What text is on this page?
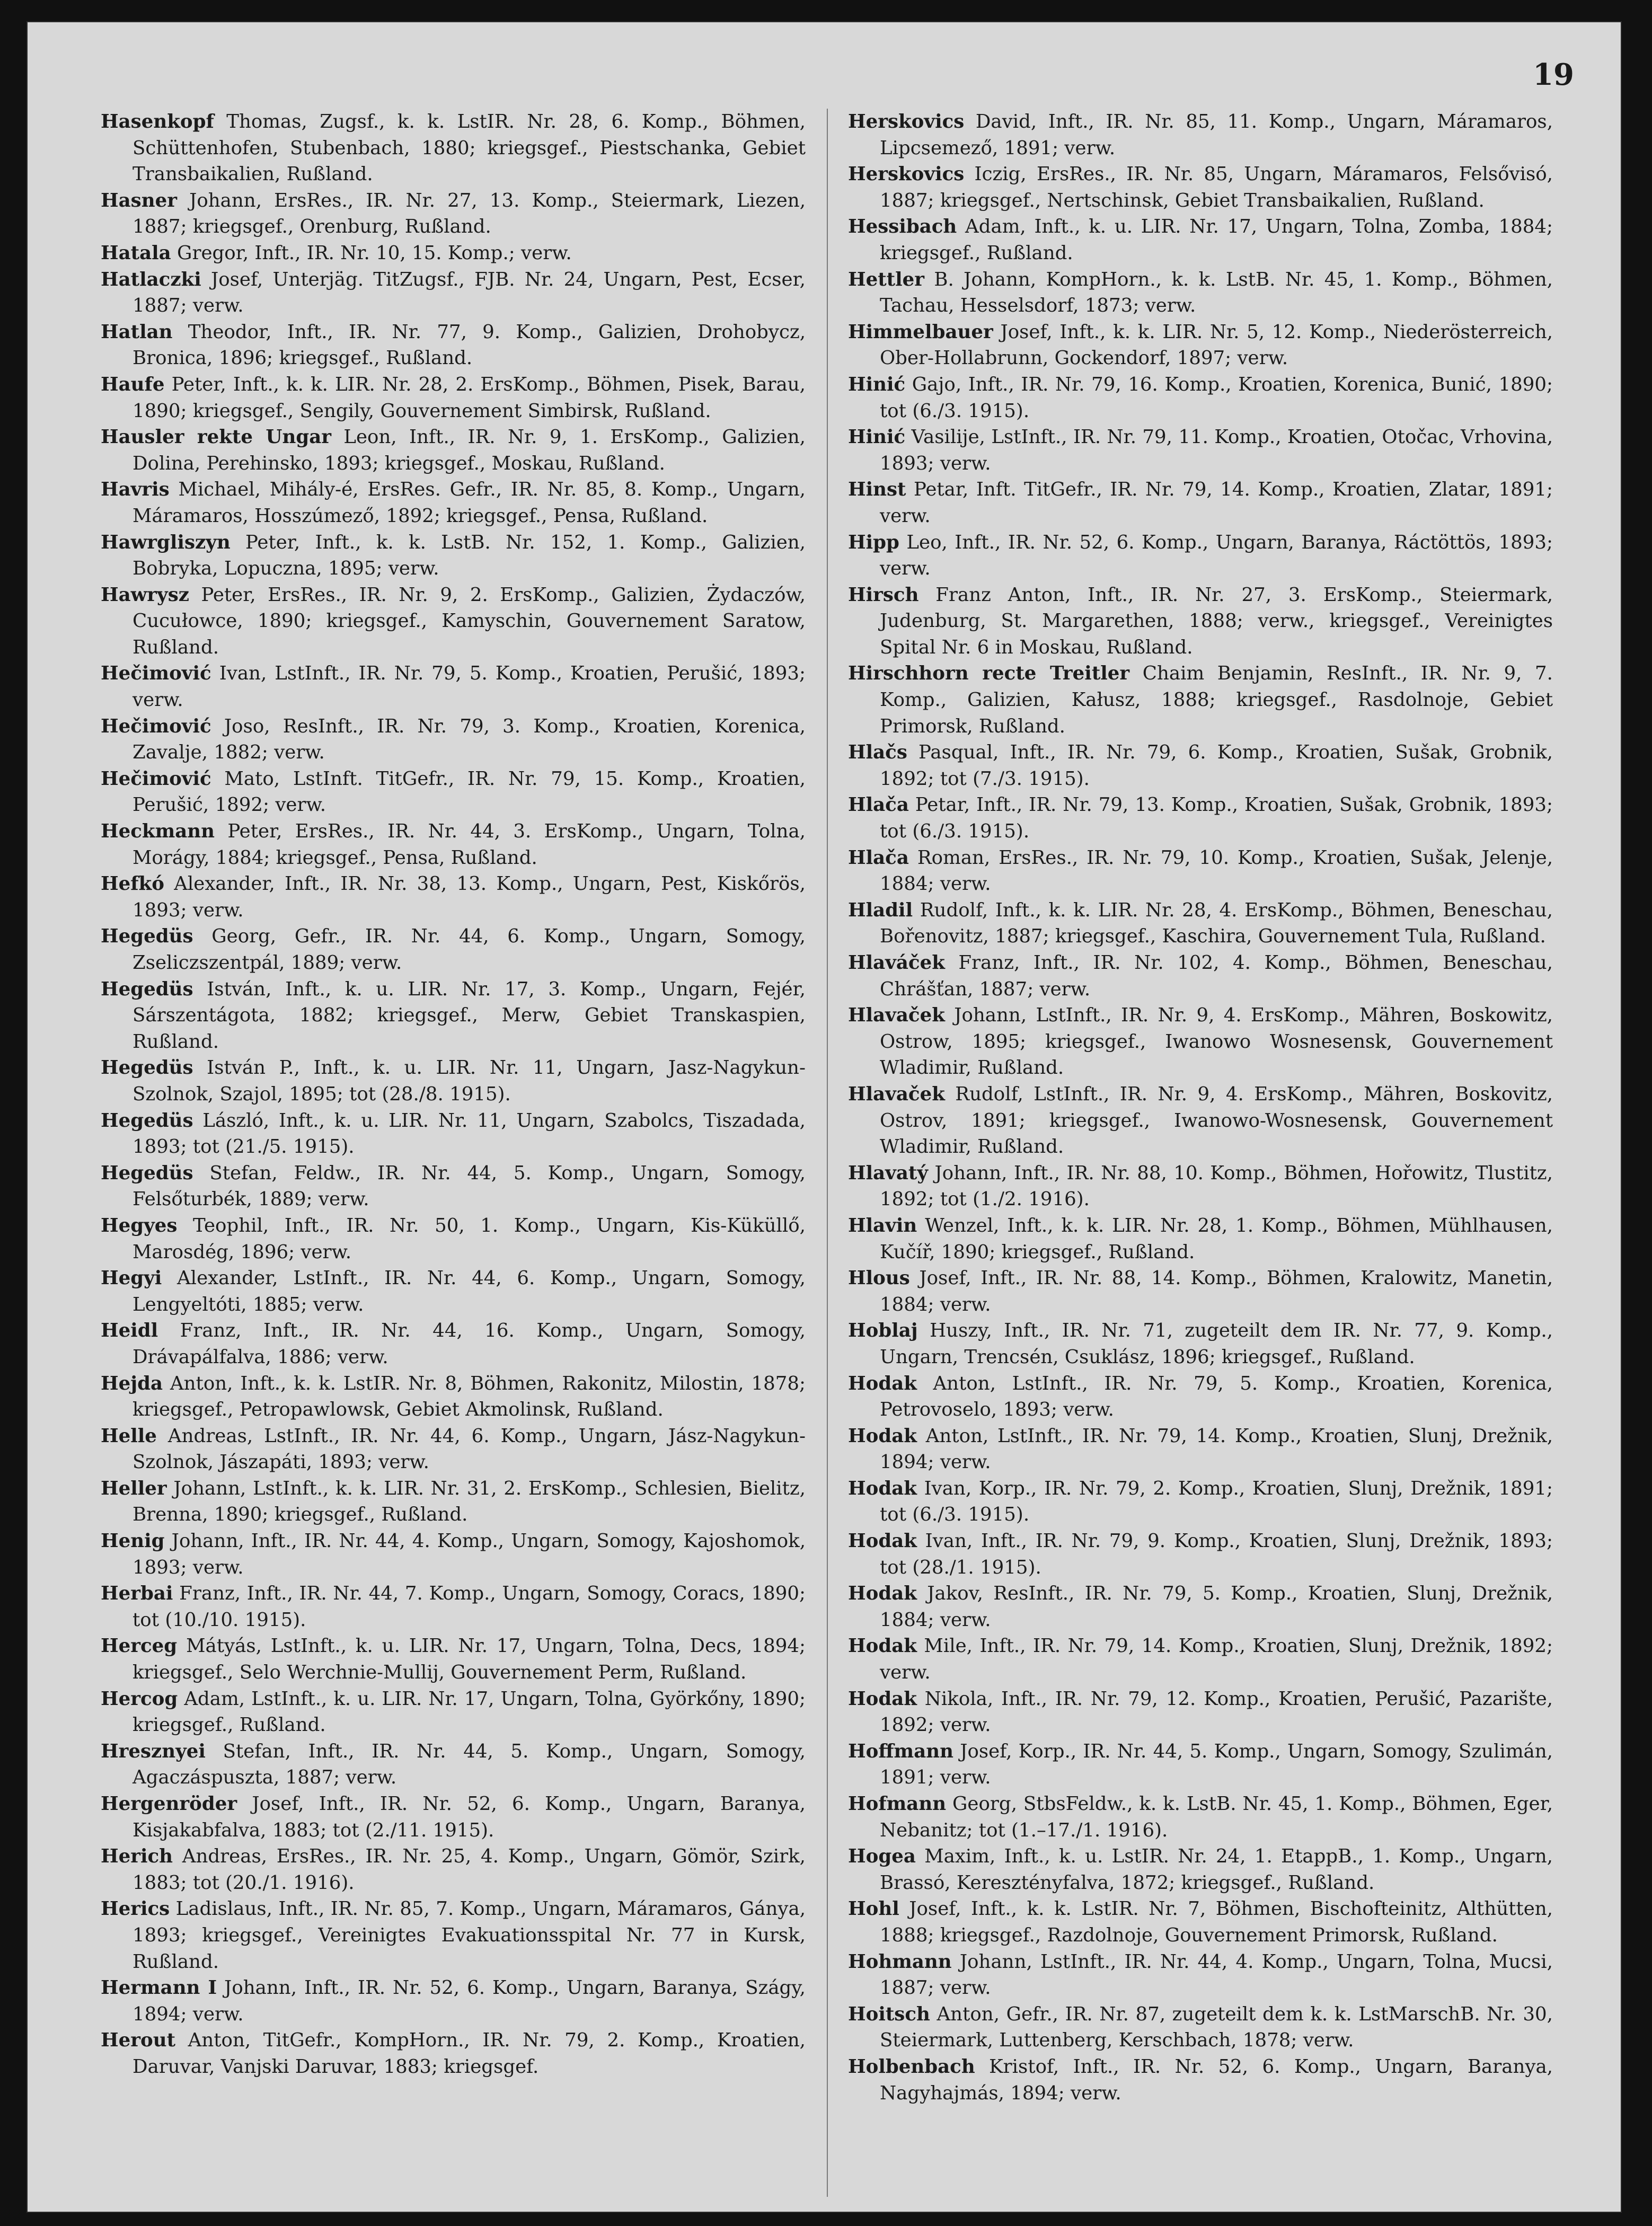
19

Hasenkopf Thomas, Zugsf., k. k. LstIR. Nr. 28, 6. Komp., Böhmen, Schüttenhofen, Stubenbach, 1880; kriegsgef., Piestschanka, Gebiet Transbaikalien, Rußland.

Hasner Johann, ErsRes., IR. Nr. 27, 13. Komp., Steiermark, Liezen, 1887; kriegsgef., Orenburg, Rußland.

Hatala Gregor, Inft., IR. Nr. 10, 15. Komp.; verw.

Hatlaczki Josef, Unterjäg. TitZugsf., FJB. Nr. 24, Ungarn, Pest, Ecser, 1887; verw.

Hatlan Theodor, Inft., IR. Nr. 77, 9. Komp., Galizien, Drohobycz, Bronica, 1896; kriegsgef., Rußland.

Haufe Peter, Inft., k. k. LIR. Nr. 28, 2. ErsKomp., Böhmen, Pisek, Barau, 1890; kriegsgef., Sengily, Gouvernement Simbirsk, Rußland.

Hausler rekte Ungar Leon, Inft., IR. Nr. 9, 1. ErsKomp., Galizien, Dolina, Perehinsko, 1893; kriegsgef., Moskau, Rußland.

Havris Michael, Mihály-é, ErsRes. Gefr., IR. Nr. 85, 8. Komp., Ungarn, Máramaros, Hosszúmező, 1892; kriegsgef., Pensa, Rußland.

Hawrgliszyn Peter, Inft., k. k. LstB. Nr. 152, 1. Komp., Galizien, Bobryka, Lopuczna, 1895; verw.

Hawrysz Peter, ErsRes., IR. Nr. 9, 2. ErsKomp., Galizien, Żydaczów, Cucułowce, 1890; kriegsgef., Kamyschin, Gouvernement Saratow, Rußland.

Hečimović Ivan, LstInft., IR. Nr. 79, 5. Komp., Kroatien, Perušić, 1893; verw.

Hečimović Joso, ResInft., IR. Nr. 79, 3. Komp., Kroatien, Korenica, Zavalje, 1882; verw.

Hečimović Mato, LstInft. TitGefr., IR. Nr. 79, 15. Komp., Kroatien, Perušić, 1892; verw.

Heckmann Peter, ErsRes., IR. Nr. 44, 3. ErsKomp., Ungarn, Tolna, Morágy, 1884; kriegsgef., Pensa, Rußland.

Hefkó Alexander, Inft., IR. Nr. 38, 13. Komp., Ungarn, Pest, Kiskőrös, 1893; verw.

Hegedüs Georg, Gefr., IR. Nr. 44, 6. Komp., Ungarn, Somogy, Zseliczszentpál, 1889; verw.

Hegedüs István, Inft., k. u. LIR. Nr. 17, 3. Komp., Ungarn, Fejér, Sárszentágota, 1882; kriegsgef., Merw, Gebiet Transkaspien, Rußland.

Hegedüs István P., Inft., k. u. LIR. Nr. 11, Ungarn, Jasz-Nagykun-Szolnok, Szajol, 1895; tot (28./8. 1915).

Hegedüs László, Inft., k. u. LIR. Nr. 11, Ungarn, Szabolcs, Tiszadada, 1893; tot (21./5. 1915).

Hegedüs Stefan, Feldw., IR. Nr. 44, 5. Komp., Ungarn, Somogy, Felsőturbék, 1889; verw.

Hegyes Teophil, Inft., IR. Nr. 50, 1. Komp., Ungarn, Kis-Küküllő, Marosdég, 1896; verw.

Hegyi Alexander, LstInft., IR. Nr. 44, 6. Komp., Ungarn, Somogy, Lengyeltóti, 1885; verw.

Heidl Franz, Inft., IR. Nr. 44, 16. Komp., Ungarn, Somogy, Drávapálfalva, 1886; verw.

Hejda Anton, Inft., k. k. LstIR. Nr. 8, Böhmen, Rakonitz, Milostin, 1878; kriegsgef., Petropawlowsk, Gebiet Akmolinsk, Rußland.

Helle Andreas, LstInft., IR. Nr. 44, 6. Komp., Ungarn, Jász-Nagykun-Szolnok, Jászapáti, 1893; verw.

Heller Johann, LstInft., k. k. LIR. Nr. 31, 2. ErsKomp., Schlesien, Bielitz, Brenna, 1890; kriegsgef., Rußland.

Henig Johann, Inft., IR. Nr. 44, 4. Komp., Ungarn, Somogy, Kajoshomok, 1893; verw.

Herbai Franz, Inft., IR. Nr. 44, 7. Komp., Ungarn, Somogy, Coracs, 1890; tot (10./10. 1915).

Herceg Mátyás, LstInft., k. u. LIR. Nr. 17, Ungarn, Tolna, Decs, 1894; kriegsgef., Selo Werchnie-Mullij, Gouvernement Perm, Rußland.

Hercog Adam, LstInft., k. u. LIR. Nr. 17, Ungarn, Tolna, Györkőny, 1890; kriegsgef., Rußland.

Hresznyei Stefan, Inft., IR. Nr. 44, 5. Komp., Ungarn, Somogy, Agaczáspuszta, 1887; verw.

Hergenröder Josef, Inft., IR. Nr. 52, 6. Komp., Ungarn, Baranya, Kisjakabfalva, 1883; tot (2./11. 1915).

Herich Andreas, ErsRes., IR. Nr. 25, 4. Komp., Ungarn, Gömör, Szirk, 1883; tot (20./1. 1916).

Herics Ladislaus, Inft., IR. Nr. 85, 7. Komp., Ungarn, Máramaros, Gánya, 1893; kriegsgef., Vereinigtes Evakuationsspital Nr. 77 in Kursk, Rußland.

Hermann I Johann, Inft., IR. Nr. 52, 6. Komp., Ungarn, Baranya, Szágy, 1894; verw.

Herout Anton, TitGefr., KompHorn., IR. Nr. 79, 2. Komp., Kroatien, Daruvar, Vanjski Daruvar, 1883; kriegsgef.

Herskovics David, Inft., IR. Nr. 85, 11. Komp., Ungarn, Máramaros, Lipcsemező, 1891; verw.

Herskovics Iczig, ErsRes., IR. Nr. 85, Ungarn, Máramaros, Felsővisó, 1887; kriegsgef., Nertschinsk, Gebiet Transbaikalien, Rußland.

Hessibach Adam, Inft., k. u. LIR. Nr. 17, Ungarn, Tolna, Zomba, 1884; kriegsgef., Rußland.

Hettler B. Johann, KompHorn., k. k. LstB. Nr. 45, 1. Komp., Böhmen, Tachau, Hesselsdorf, 1873; verw.

Himmelbauer Josef, Inft., k. k. LIR. Nr. 5, 12. Komp., Niederösterreich, Ober-Hollabrunn, Gockendorf, 1897; verw.

Hinić Gajo, Inft., IR. Nr. 79, 16. Komp., Kroatien, Korenica, Bunić, 1890; tot (6./3. 1915).

Hinić Vasilije, LstInft., IR. Nr. 79, 11. Komp., Kroatien, Otočac, Vrhovina, 1893; verw.

Hinst Petar, Inft. TitGefr., IR. Nr. 79, 14. Komp., Kroatien, Zlatar, 1891; verw.

Hipp Leo, Inft., IR. Nr. 52, 6. Komp., Ungarn, Baranya, Ráctöttös, 1893; verw.

Hirsch Franz Anton, Inft., IR. Nr. 27, 3. ErsKomp., Steiermark, Judenburg, St. Margarethen, 1888; verw., kriegsgef., Vereinigtes Spital Nr. 6 in Moskau, Rußland.

Hirschhorn recte Treitler Chaim Benjamin, ResInft., IR. Nr. 9, 7. Komp., Galizien, Kałusz, 1888; kriegsgef., Rasdolnoje, Gebiet Primorsk, Rußland.

Hlačs Pasqual, Inft., IR. Nr. 79, 6. Komp., Kroatien, Sušak, Grobnik, 1892; tot (7./3. 1915).

Hlača Petar, Inft., IR. Nr. 79, 13. Komp., Kroatien, Sušak, Grobnik, 1893; tot (6./3. 1915).

Hlača Roman, ErsRes., IR. Nr. 79, 10. Komp., Kroatien, Sušak, Jelenje, 1884; verw.

Hladil Rudolf, Inft., k. k. LIR. Nr. 28, 4. ErsKomp., Böhmen, Beneschau, Bořenovitz, 1887; kriegsgef., Kaschira, Gouvernement Tula, Rußland.

Hlaváček Franz, Inft., IR. Nr. 102, 4. Komp., Böhmen, Beneschau, Chrášťan, 1887; verw.

Hlavaček Johann, LstInft., IR. Nr. 9, 4. ErsKomp., Mähren, Boskowitz, Ostrow, 1895; kriegsgef., Iwanowo Wosnesensk, Gouvernement Wladimir, Rußland.

Hlavaček Rudolf, LstInft., IR. Nr. 9, 4. ErsKomp., Mähren, Boskovitz, Ostrov, 1891; kriegsgef., Iwanowo-Wosnesensk, Gouvernement Wladimir, Rußland.

Hlavatý Johann, Inft., IR. Nr. 88, 10. Komp., Böhmen, Hořowitz, Tlustitz, 1892; tot (1./2. 1916).

Hlavin Wenzel, Inft., k. k. LIR. Nr. 28, 1. Komp., Böhmen, Mühlhausen, Kučíř, 1890; kriegsgef., Rußland.

Hlous Josef, Inft., IR. Nr. 88, 14. Komp., Böhmen, Kralowitz, Manetin, 1884; verw.

Hoblaj Huszy, Inft., IR. Nr. 71, zugeteilt dem IR. Nr. 77, 9. Komp., Ungarn, Trencsén, Csuklász, 1896; kriegsgef., Rußland.

Hodak Anton, LstInft., IR. Nr. 79, 5. Komp., Kroatien, Korenica, Petrovoselo, 1893; verw.

Hodak Anton, LstInft., IR. Nr. 79, 14. Komp., Kroatien, Slunj, Drežnik, 1894; verw.

Hodak Ivan, Korp., IR. Nr. 79, 2. Komp., Kroatien, Slunj, Drežnik, 1891; tot (6./3. 1915).

Hodak Ivan, Inft., IR. Nr. 79, 9. Komp., Kroatien, Slunj, Drežnik, 1893; tot (28./1. 1915).

Hodak Jakov, ResInft., IR. Nr. 79, 5. Komp., Kroatien, Slunj, Drežnik, 1884; verw.

Hodak Mile, Inft., IR. Nr. 79, 14. Komp., Kroatien, Slunj, Drežnik, 1892; verw.

Hodak Nikola, Inft., IR. Nr. 79, 12. Komp., Kroatien, Perušić, Pazarište, 1892; verw.

Hoffmann Josef, Korp., IR. Nr. 44, 5. Komp., Ungarn, Somogy, Szulimán, 1891; verw.

Hofmann Georg, StbsFeldw., k. k. LstB. Nr. 45, 1. Komp., Böhmen, Eger, Nebanitz; tot (1.–17./1. 1916).

Hogea Maxim, Inft., k. u. LstIR. Nr. 24, 1. EtappB., 1. Komp., Ungarn, Brassó, Keresztényfalva, 1872; kriegsgef., Rußland.

Hohl Josef, Inft., k. k. LstIR. Nr. 7, Böhmen, Bischofteinitz, Althütten, 1888; kriegsgef., Razdolnoje, Gouvernement Primorsk, Rußland.

Hohmann Johann, LstInft., IR. Nr. 44, 4. Komp., Ungarn, Tolna, Mucsi, 1887; verw.

Hoitsch Anton, Gefr., IR. Nr. 87, zugeteilt dem k. k. LstMarschB. Nr. 30, Steiermark, Luttenberg, Kerschbach, 1878; verw.

Holbenbach Kristof, Inft., IR. Nr. 52, 6. Komp., Ungarn, Baranya, Nagyhajmás, 1894; verw.
